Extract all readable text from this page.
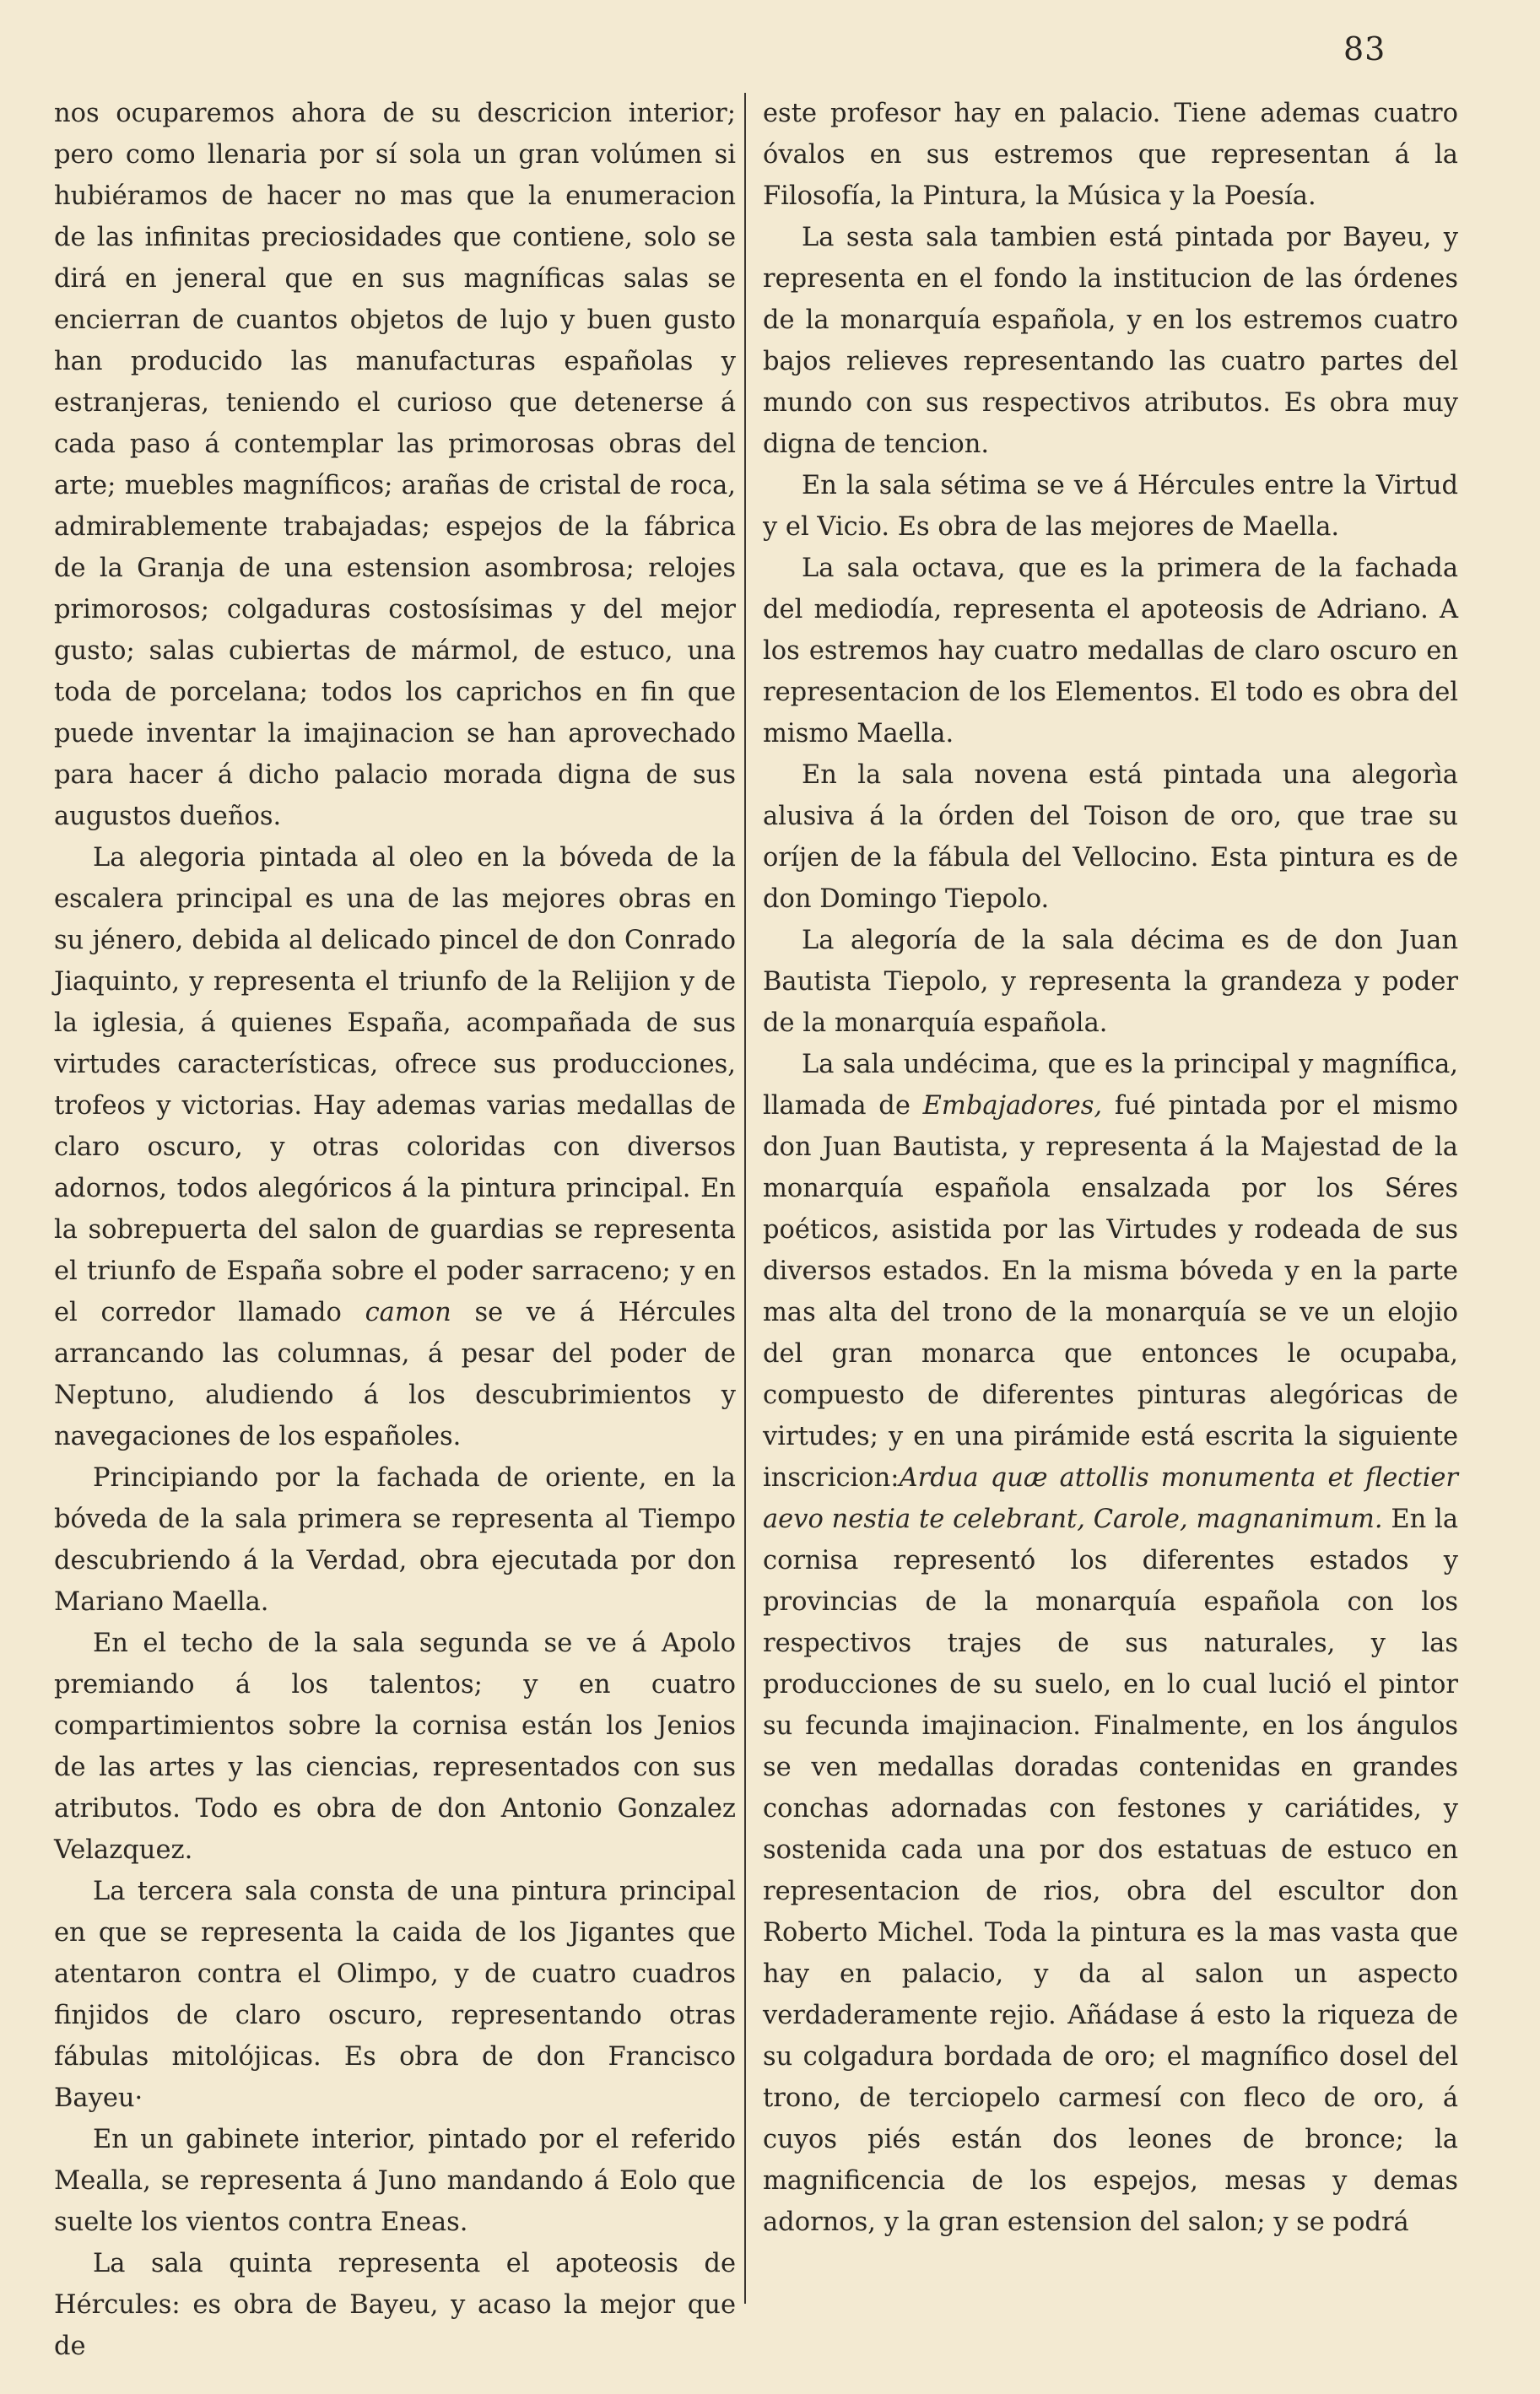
83

nos ocuparemos ahora de su descricion interior; pero como llenaria por sí sola un gran volúmen si hubiéramos de hacer no mas que la enumeracion de las infinitas preciosidades que contiene, solo se dirá en jeneral que en sus magníficas salas se encierran de cuantos objetos de lujo y buen gusto han producido las manufacturas españolas y estranjeras, teniendo el curioso que detenerse á cada paso á contemplar las primorosas obras del arte; muebles magníficos; arañas de cristal de roca, admirablemente trabajadas; espejos de la fábrica de la Granja de una estension asombrosa; relojes primorosos; colgaduras costosísimas y del mejor gusto; salas cubiertas de mármol, de estuco, una toda de porcelana; todos los caprichos en fin que puede inventar la imajinacion se han aprovechado para hacer á dicho palacio morada digna de sus augustos dueños.

La alegoria pintada al oleo en la bóveda de la escalera principal es una de las mejores obras en su jénero, debida al delicado pincel de don Conrado Jiaquinto, y representa el triunfo de la Relijion y de la iglesia, á quienes España, acompañada de sus virtudes características, ofrece sus producciones, trofeos y victorias. Hay ademas varias medallas de claro oscuro, y otras coloridas con diversos adornos, todos alegóricos á la pintura principal. En la sobrepuerta del salon de guardias se representa el triunfo de España sobre el poder sarraceno; y en el corredor llamado camon se ve á Hércules arrancando las columnas, á pesar del poder de Neptuno, aludiendo á los descubrimientos y navegaciones de los españoles.

Principiando por la fachada de oriente, en la bóveda de la sala primera se representa al Tiempo descubriendo á la Verdad, obra ejecutada por don Mariano Maella.

En el techo de la sala segunda se ve á Apolo premiando á los talentos; y en cuatro compartimientos sobre la cornisa están los Jenios de las artes y las ciencias, representados con sus atributos. Todo es obra de don Antonio Gonzalez Velazquez.

La tercera sala consta de una pintura principal en que se representa la caida de los Jigantes que atentaron contra el Olimpo, y de cuatro cuadros finjidos de claro oscuro, representando otras fábulas mitolójicas. Es obra de don Francisco Bayeu·

En un gabinete interior, pintado por el referido Mealla, se representa á Juno mandando á Eolo que suelte los vientos contra Eneas.

La sala quinta representa el apoteosis de Hércules: es obra de Bayeu, y acaso la mejor que de

este profesor hay en palacio. Tiene ademas cuatro óvalos en sus estremos que representan á la Filosofía, la Pintura, la Música y la Poesía.

La sesta sala tambien está pintada por Bayeu, y representa en el fondo la institucion de las órdenes de la monarquía española, y en los estremos cuatro bajos relieves representando las cuatro partes del mundo con sus respectivos atributos. Es obra muy digna de tencion.

En la sala sétima se ve á Hércules entre la Virtud y el Vicio. Es obra de las mejores de Maella.

La sala octava, que es la primera de la fachada del mediodía, representa el apoteosis de Adriano. A los estremos hay cuatro medallas de claro oscuro en representacion de los Elementos. El todo es obra del mismo Maella.

En la sala novena está pintada una alegorìa alusiva á la órden del Toison de oro, que trae su oríjen de la fábula del Vellocino. Esta pintura es de don Domingo Tiepolo.

La alegoría de la sala décima es de don Juan Bautista Tiepolo, y representa la grandeza y poder de la monarquía española.

La sala undécima, que es la principal y magnífica, llamada de Embajadores, fué pintada por el mismo don Juan Bautista, y representa á la Majestad de la monarquía española ensalzada por los Séres poéticos, asistida por las Virtudes y rodeada de sus diversos estados. En la misma bóveda y en la parte mas alta del trono de la monarquía se ve un elojio del gran monarca que entonces le ocupaba, compuesto de diferentes pinturas alegóricas de virtudes; y en una pirámide está escrita la siguiente inscricion:Ardua quæ attollis monumenta et flectier aevo nestia te celebrant, Carole, magnanimum. En la cornisa representó los diferentes estados y provincias de la monarquía española con los respectivos trajes de sus naturales, y las producciones de su suelo, en lo cual lució el pintor su fecunda imajinacion. Finalmente, en los ángulos se ven medallas doradas contenidas en grandes conchas adornadas con festones y cariátides, y sostenida cada una por dos estatuas de estuco en representacion de rios, obra del escultor don Roberto Michel. Toda la pintura es la mas vasta que hay en palacio, y da al salon un aspecto verdaderamente rejio. Añádase á esto la riqueza de su colgadura bordada de oro; el magnífico dosel del trono, de terciopelo carmesí con fleco de oro, á cuyos piés están dos leones de bronce; la magnificencia de los espejos, mesas y demas adornos, y la gran estension del salon; y se podrá
